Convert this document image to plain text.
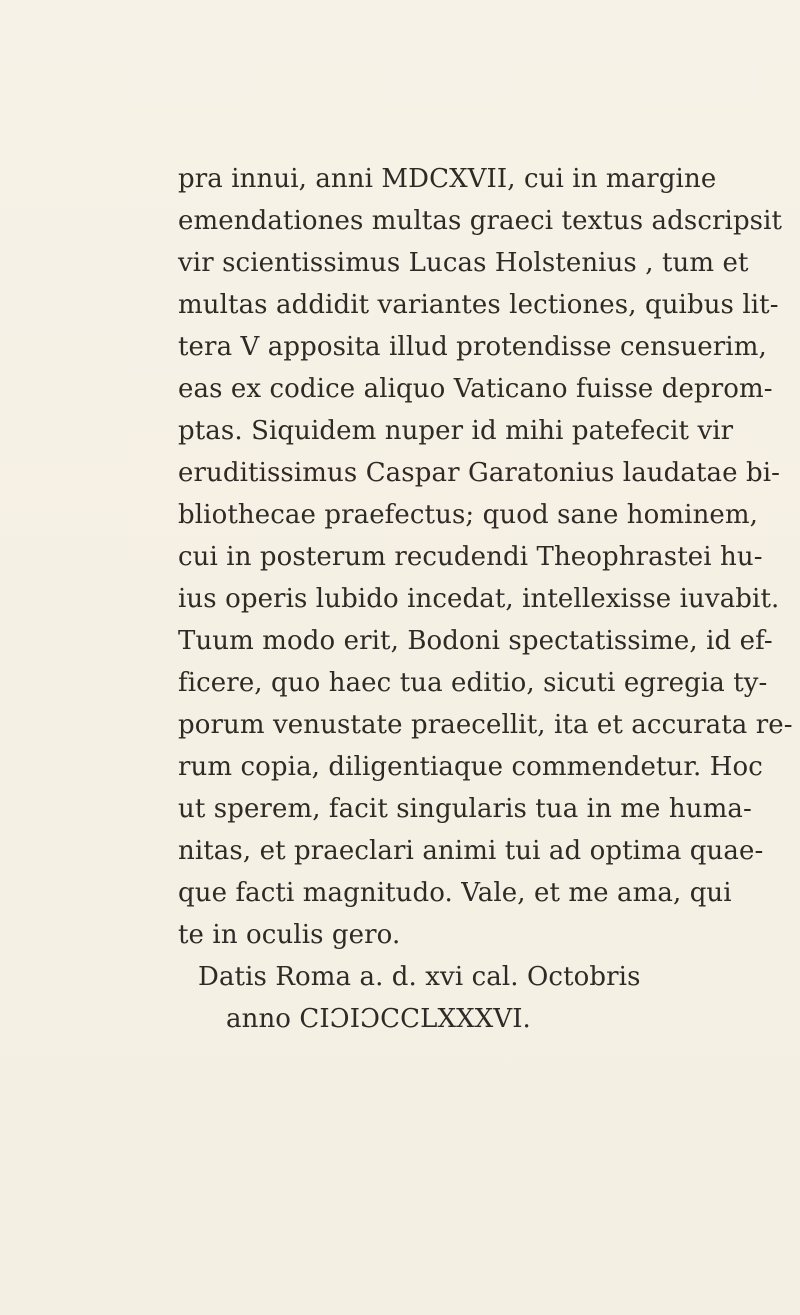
pra innui, anni MDCXVII, cui in margine
emendationes multas graeci textus adscripsit
vir scientissimus Lucas Holstenius , tum et
multas addidit variantes lectiones, quibus lit-
tera V apposita illud protendisse censuerim,
eas ex codice aliquo Vaticano fuisse deprom-
ptas. Siquidem nuper id mihi patefecit vir
eruditissimus Caspar Garatonius laudatae bi-
bliothecae praefectus; quod sane hominem,
cui in posterum recudendi Theophrastei hu-
ius operis lubido incedat, intellexisse iuvabit.
Tuum modo erit, Bodoni spectatissime, id ef-
ficere, quo haec tua editio, sicuti egregia ty-
porum venustate praecellit, ita et accurata re-
rum copia, diligentiaque commendetur. Hoc
ut sperem, facit singularis tua in me huma-
nitas, et praeclari animi tui ad optima quae-
que facti magnitudo. Vale, et me ama, qui
te in oculis gero.
Datis Roma a. d. xvi cal. Octobris
anno CIƆIƆCCLXXXVI.
